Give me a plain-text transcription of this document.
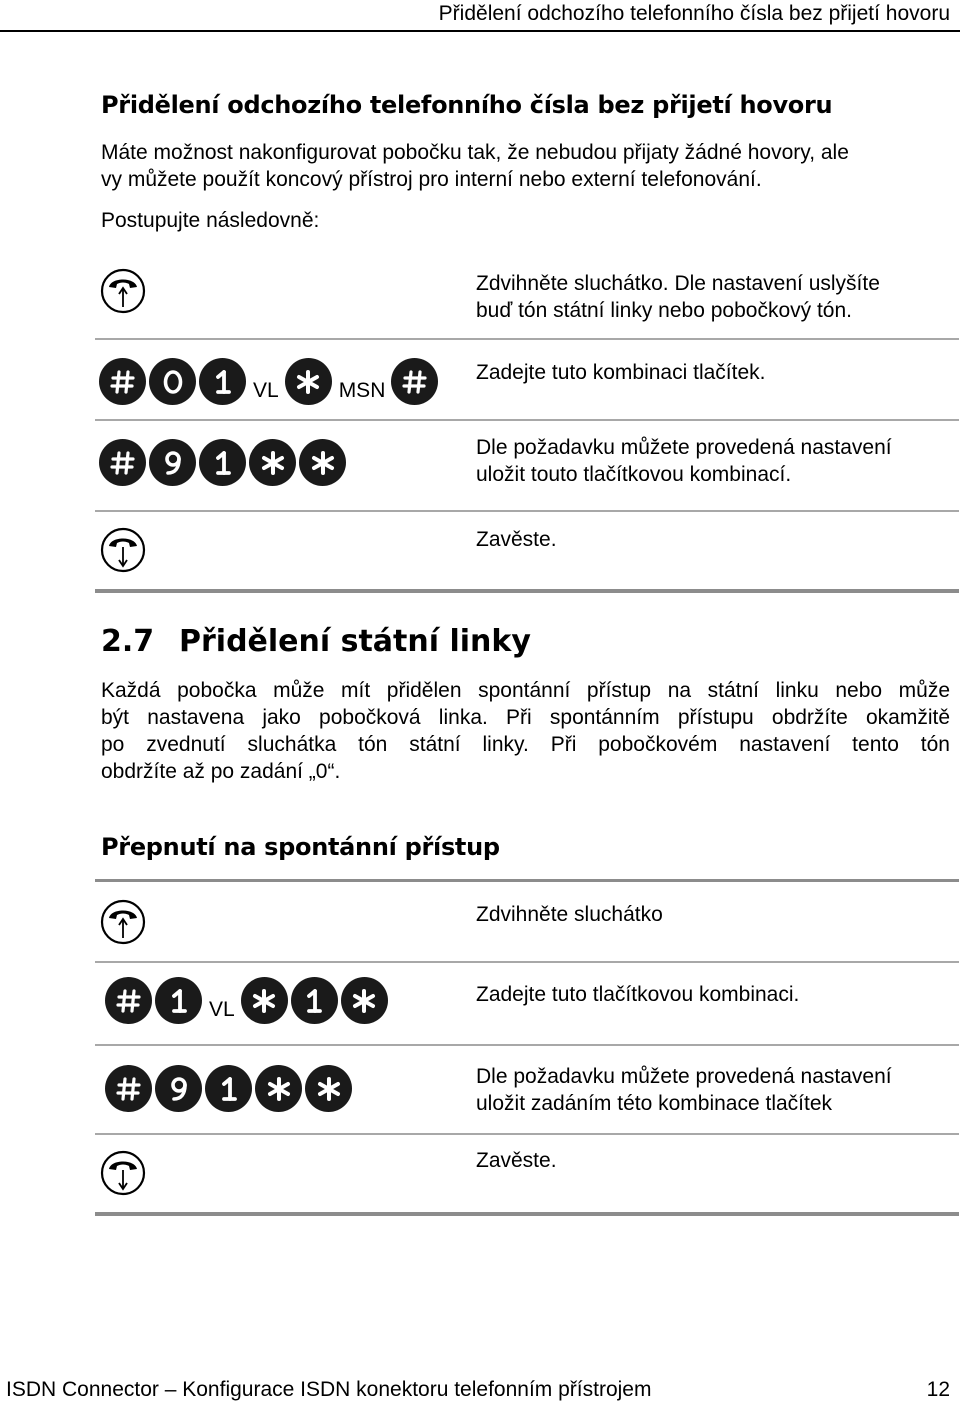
Přidělení odchozího telefonního čísla bez přijetí hovoru
Přidělení odchozího telefonního čísla bez přijetí hovoru

Máte možnost nakonfigurovat pobočku tak, že nebudou přijaty žádné hovory, ale

vy můžete použít koncový přístroj pro interní nebo externí telefonování.

Postupujte následovně:
Zdvihněte sluchátko. Dle nastavení uslyšíte
buď tón státní linky nebo pobočkový tón.
VL	MSN
Zadejte tuto kombinaci tlačítek.
Dle požadavku můžete provedená nastavení
uložit touto tlačítkovou kombinací.
Zavěste.
2.7 Přidělení státní linky

Každá pobočka může mít přidělen spontánní přístup na státní linku nebo může

být nastavena jako pobočková linka. Při spontánním přístupu obdržíte okamžitě

po zvednutí sluchátka tón státní linky. Při pobočkovém nastavení tento tón

obdržíte až po zadání „0“.

Přepnutí na spontánní přístup
Zdvihněte sluchátko
VL
Zadejte tuto tlačítkovou kombinaci.
Dle požadavku můžete provedená nastavení
uložit zadáním této kombinace tlačítek
Zavěste.
ISDN Connector – Konfigurace ISDN konektoru telefonním přístrojem	12
